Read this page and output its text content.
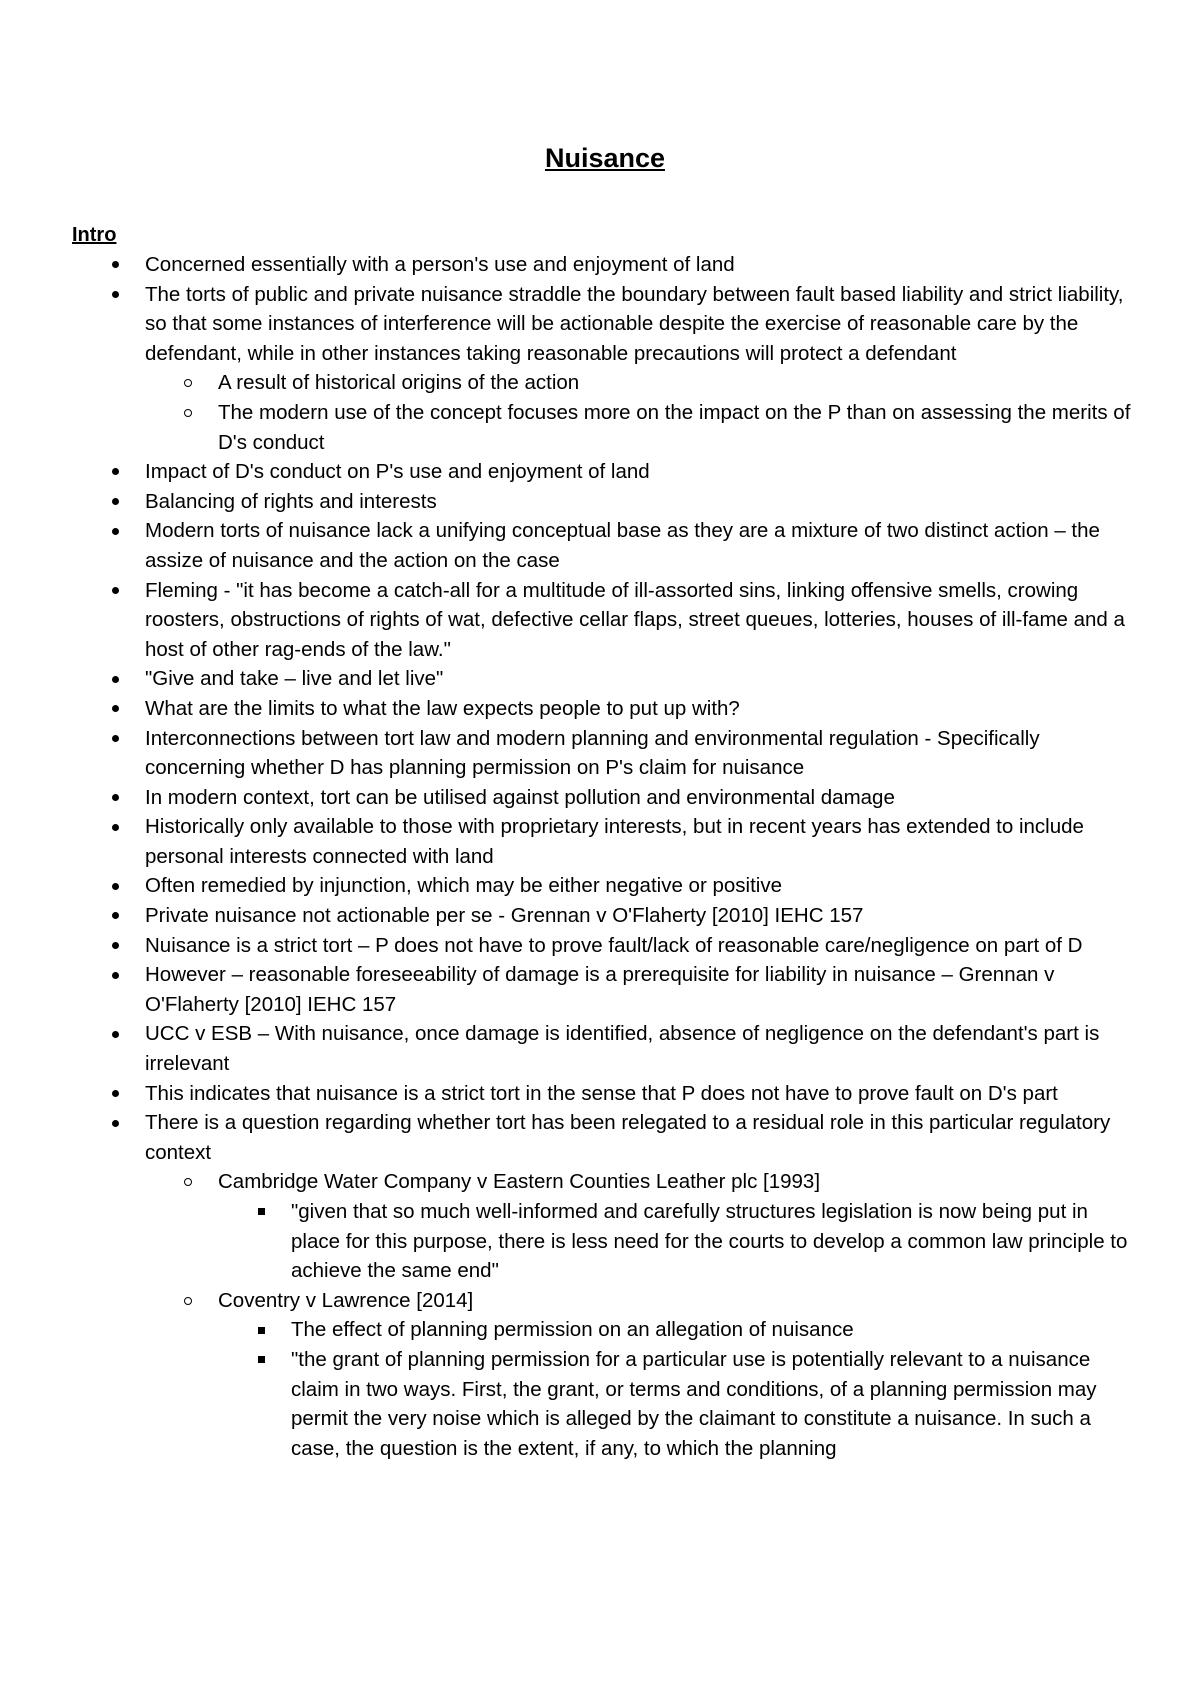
Nuisance
Intro
Concerned essentially with a person's use and enjoyment of land
The torts of public and private nuisance straddle the boundary between fault based liability and strict liability, so that some instances of interference will be actionable despite the exercise of reasonable care by the defendant, while in other instances taking reasonable precautions will protect a defendant
A result of historical origins of the action
The modern use of the concept focuses more on the impact on the P than on assessing the merits of D's conduct
Impact of D's conduct on P's use and enjoyment of land
Balancing of rights and interests
Modern torts of nuisance lack a unifying conceptual base as they are a mixture of two distinct action – the assize of nuisance and the action on the case
Fleming - "it has become a catch-all for a multitude of ill-assorted sins, linking offensive smells, crowing roosters, obstructions of rights of wat, defective cellar flaps, street queues, lotteries, houses of ill-fame and a host of other rag-ends of the law."
"Give and take – live and let live"
What are the limits to what the law expects people to put up with?
Interconnections between tort law and modern planning and environmental regulation - Specifically concerning whether D has planning permission on P's claim for nuisance
In modern context, tort can be utilised against pollution and environmental damage
Historically only available to those with proprietary interests, but in recent years has extended to include personal interests connected with land
Often remedied by injunction, which may be either negative or positive
Private nuisance not actionable per se - Grennan v O'Flaherty [2010] IEHC 157
Nuisance is a strict tort – P does not have to prove fault/lack of reasonable care/negligence on part of D
However – reasonable foreseeability of damage is a prerequisite for liability in nuisance – Grennan v O'Flaherty [2010] IEHC 157
UCC v ESB – With nuisance, once damage is identified, absence of negligence on the defendant's part is irrelevant
This indicates that nuisance is a strict tort in the sense that P does not have to prove fault on D's part
There is a question regarding whether tort has been relegated to a residual role in this particular regulatory context
Cambridge Water Company v Eastern Counties Leather plc [1993]
"given that so much well-informed and carefully structures legislation is now being put in place for this purpose, there is less need for the courts to develop a common law principle to achieve the same end"
Coventry v Lawrence [2014]
The effect of planning permission on an allegation of nuisance
"the grant of planning permission for a particular use is potentially relevant to a nuisance claim in two ways. First, the grant, or terms and conditions, of a planning permission may permit the very noise which is alleged by the claimant to constitute a nuisance. In such a case, the question is the extent, if any, to which the planning
